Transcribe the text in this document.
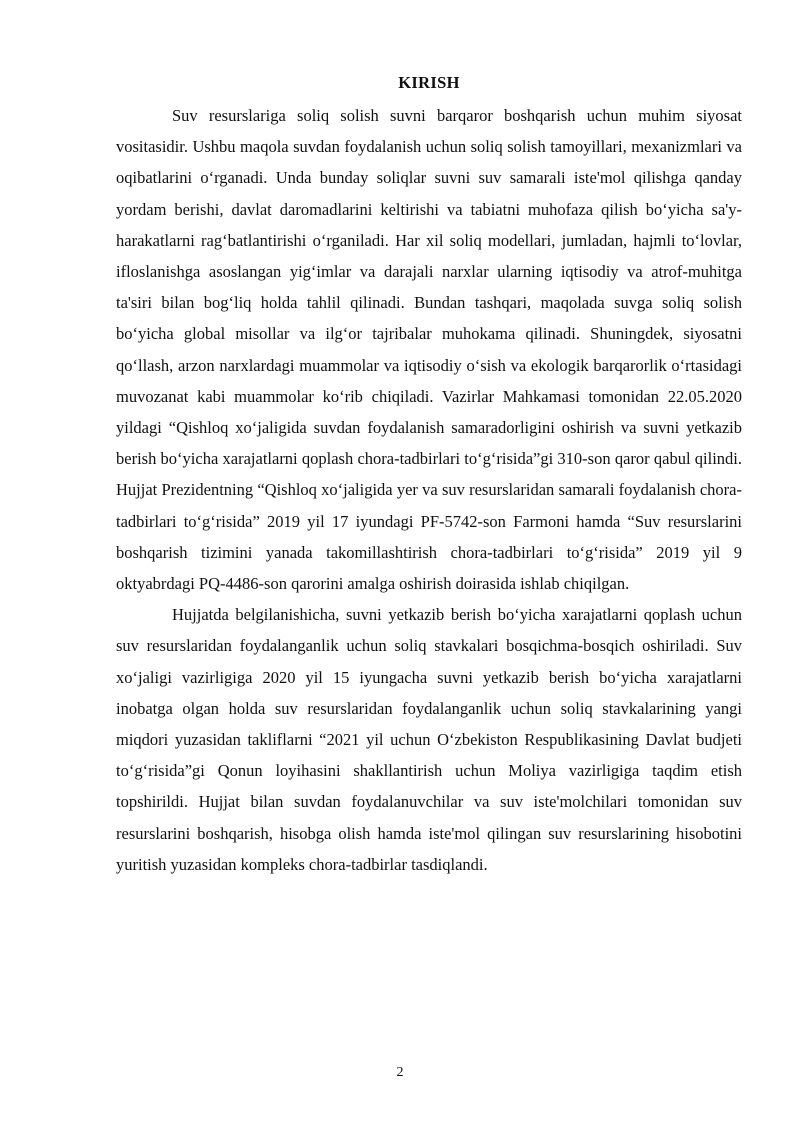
KIRISH

Suv resurslariga soliq solish suvni barqaror boshqarish uchun muhim siyosat vositasidir. Ushbu maqola suvdan foydalanish uchun soliq solish tamoyillari, mexanizmlari va oqibatlarini o‘rganadi. Unda bunday soliqlar suvni suv samarali iste'mol qilishga qanday yordam berishi, davlat daromadlarini keltirishi va tabiatni muhofaza qilish bo‘yicha sa'y-harakatlarni rag‘batlantirishi o‘rganiladi. Har xil soliq modellari, jumladan, hajmli to‘lovlar, ifloslanishga asoslangan yig‘imlar va darajali narxlar ularning iqtisodiy va atrof-muhitga ta'siri bilan bog‘liq holda tahlil qilinadi. Bundan tashqari, maqolada suvga soliq solish bo‘yicha global misollar va ilg‘or tajribalar muhokama qilinadi. Shuningdek, siyosatni qo‘llash, arzon narxlardagi muammolar va iqtisodiy o‘sish va ekologik barqarorlik o‘rtasidagi muvozanat kabi muammolar ko‘rib chiqiladi. Vazirlar Mahkamasi tomonidan 22.05.2020 yildagi “Qishloq xo‘jaligida suvdan foydalanish samaradorligini oshirish va suvni yetkazib berish bo‘yicha xarajatlarni qoplash chora-tadbirlari to‘g‘risida”gi 310-son qaror qabul qilindi. Hujjat Prezidentning “Qishloq xo‘jaligida yer va suv resurslaridan samarali foydalanish chora-tadbirlari to‘g‘risida” 2019 yil 17 iyundagi PF-5742-son Farmoni hamda “Suv resurslarini boshqarish tizimini yanada takomillashtirish chora-tadbirlari to‘g‘risida” 2019 yil 9 oktyabrdagi PQ-4486-son qarorini amalga oshirish doirasida ishlab chiqilgan.

Hujjatda belgilanishicha, suvni yetkazib berish bo‘yicha xarajatlarni qoplash uchun suv resurslaridan foydalanganlik uchun soliq stavkalari bosqichma-bosqich oshiriladi. Suv xo‘jaligi vazirligiga 2020 yil 15 iyungacha suvni yetkazib berish bo‘yicha xarajatlarni inobatga olgan holda suv resurslaridan foydalanganlik uchun soliq stavkalarining yangi miqdori yuzasidan takliflarni “2021 yil uchun O‘zbekiston Respublikasining Davlat budjeti to‘g‘risida”gi Qonun loyihasini shakllantirish uchun Moliya vazirligiga taqdim etish topshirildi. Hujjat bilan suvdan foydalanuvchilar va suv iste'molchilari tomonidan suv resurslarini boshqarish, hisobga olish hamda iste'mol qilingan suv resurslarining hisobotini yuritish yuzasidan kompleks chora-tadbirlar tasdiqlandi.

2
